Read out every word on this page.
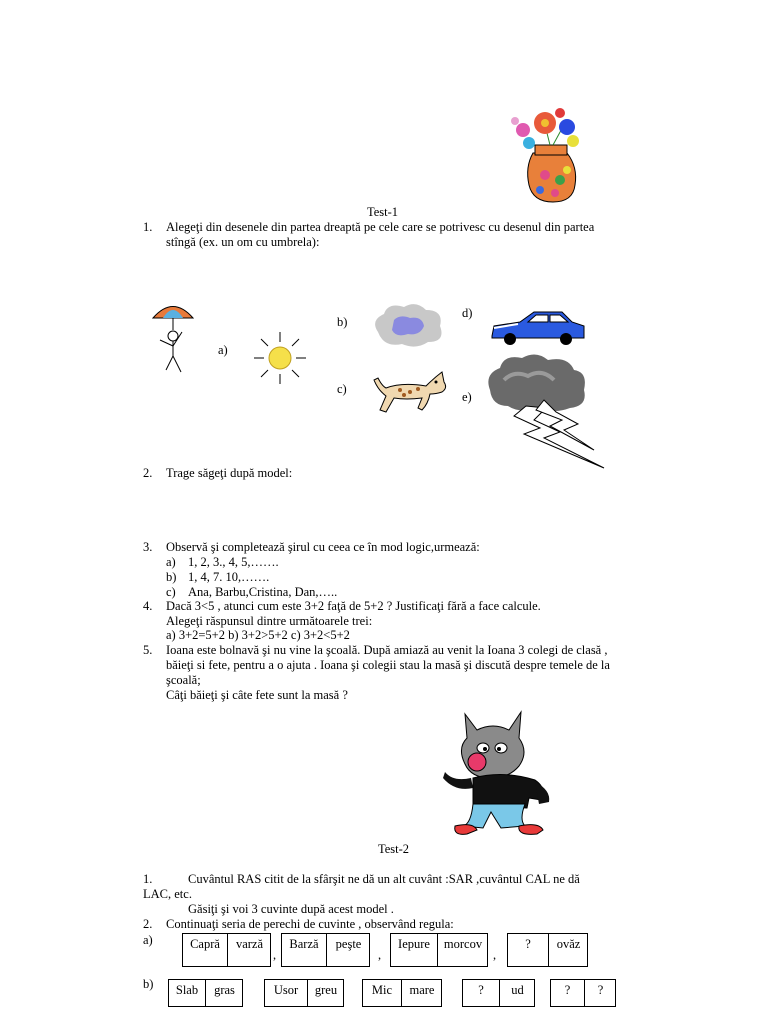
Test-1
1. Alegeţi din desenele din partea dreaptă pe cele care se potrivesc cu desenul din partea
stîngă (ex. un om cu umbrela):
a)
b)
d)
c)
e)
2. Trage săgeţi după model:
3. Observă şi completează şirul cu ceea ce în mod logic,urmează:
a) 1, 2, 3., 4, 5,…….
b) 1, 4, 7. 10,…….
c) Ana, Barbu,Cristina, Dan,…..
4. Dacă 3<5 , atunci cum este 3+2 faţă de 5+2 ? Justificaţi fără a face calcule.
Alegeţi răspunsul dintre următoarele trei:
a) 3+2=5+2 b) 3+2>5+2 c) 3+2<5+2
5. Ioana este bolnavă şi nu vine la şcoală. După amiază au venit la Ioana 3 colegi de clasă ,
băieţi si fete, pentru a o ajuta . Ioana şi colegii stau la masă şi discută despre temele de la
şcoală;
Câţi băieţi şi câte fete sunt la masă ?
Test-2
1.	Cuvântul RAS citit de la sfârşit ne dă un alt cuvânt :SAR ,cuvântul CAL ne dă
LAC, etc.
Găsiţi şi voi 3 cuvinte după acest model .
2. Continuaţi seria de perechi de cuvinte , observând regula:
a)	Capră	varză
,
Barză	peşte
,
Iepure	morcov
,
?	ovăz
b)	Slab	gras	Usor	greu	Mic	mare	?	ud	?	?
